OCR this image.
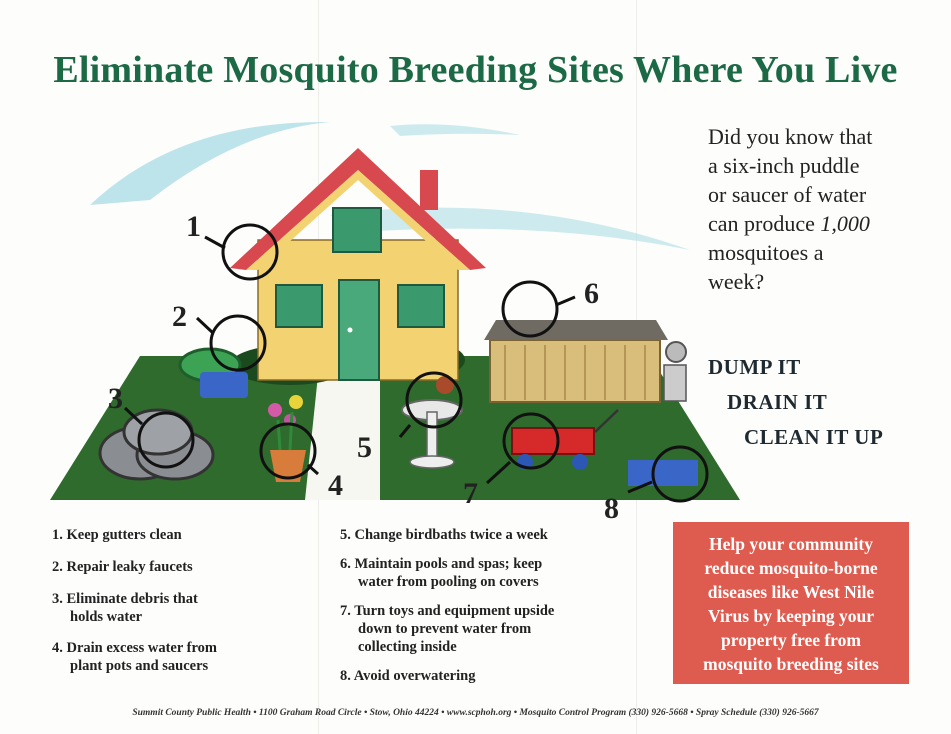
Eliminate Mosquito Breeding Sites Where You Live
1
2
3
4
5
6
7	8
Did you know that
a six-inch puddle
or saucer of water
can produce 1,000
mosquitoes a
week?
DUMP IT
DRAIN IT
CLEAN IT UP
1. Keep gutters clean
2. Repair leaky faucets
3. Eliminate debris that
holds water
4. Drain excess water from
plant pots and saucers
5. Change birdbaths twice a week
6. Maintain pools and spas; keep
water from pooling on covers
7. Turn toys and equipment upside
down to prevent water from
collecting inside
8. Avoid overwatering
Help your community
reduce mosquito-borne
diseases like West Nile
Virus by keeping your
property free from
mosquito breeding sites
Summit County Public Health • 1100 Graham Road Circle • Stow, Ohio 44224 • www.scphoh.org • Mosquito Control Program (330) 926-5668 • Spray Schedule (330) 926-5667
